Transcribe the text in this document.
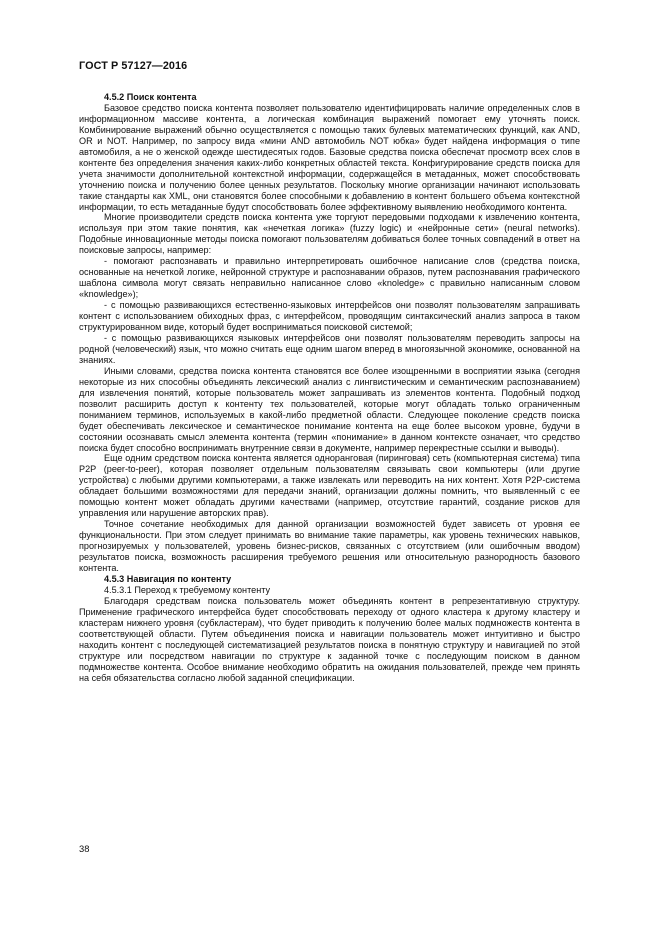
ГОСТ Р 57127—2016

4.5.2 Поиск контента

Базовое средство поиска контента позволяет пользователю идентифицировать наличие определенных слов в информационном массиве контента, а логическая комбинация выражений помогает ему уточнять поиск. Комбинирование выражений обычно осуществляется с помощью таких булевых математических функций, как AND, OR и NOT. Например, по запросу вида «мини AND автомобиль NOT юбка» будет найдена информация о типе автомобиля, а не о женской одежде шестидесятых годов. Базовые средства поиска обеспечат просмотр всех слов в контенте без определения значения каких-либо конкретных областей текста. Конфигурирование средств поиска для учета значимости дополнительной контекстной информации, содержащейся в метаданных, может способствовать уточнению поиска и получению более ценных результатов. Поскольку многие организации начинают использовать такие стандарты как XML, они становятся более способными к добавлению в контент большего объема контекстной информации, то есть метаданные будут способствовать более эффективному выявлению необходимого контента.

Многие производители средств поиска контента уже торгуют передовыми подходами к извлечению контента, используя при этом такие понятия, как «нечеткая логика» (fuzzy logic) и «нейронные сети» (neural networks). Подобные инновационные методы поиска помогают пользователям добиваться более точных совпадений в ответ на поисковые запросы, например:

- помогают распознавать и правильно интерпретировать ошибочное написание слов (средства поиска, основанные на нечеткой логике, нейронной структуре и распознавании образов, путем распознавания графического шаблона символа могут связать неправильно написанное слово «knoledge» с правильно написанным словом «knowledge»);

- с помощью развивающихся естественно-языковых интерфейсов они позволят пользователям запрашивать контент с использованием обиходных фраз, с интерфейсом, проводящим синтаксический анализ запроса в таком структурированном виде, который будет восприниматься поисковой системой;

- с помощью развивающихся языковых интерфейсов они позволят пользователям переводить запросы на родной (человеческий) язык, что можно считать еще одним шагом вперед в многоязычной экономике, основанной на знаниях.

Иными словами, средства поиска контента становятся все более изощренными в восприятии языка (сегодня некоторые из них способны объединять лексический анализ с лингвистическим и семантическим распознаванием) для извлечения понятий, которые пользователь может запрашивать из элементов контента. Подобный подход позволит расширить доступ к контенту тех пользователей, которые могут обладать только ограниченным пониманием терминов, используемых в какой-либо предметной области. Следующее поколение средств поиска будет обеспечивать лексическое и семантическое понимание контента на еще более высоком уровне, будучи в состоянии осознавать смысл элемента контента (термин «понимание» в данном контексте означает, что средство поиска будет способно воспринимать внутренние связи в документе, например перекрестные ссылки и выводы).

Еще одним средством поиска контента является одноранговая (пиринговая) сеть (компьютерная система) типа P2P (peer-to-peer), которая позволяет отдельным пользователям связывать свои компьютеры (или другие устройства) с любыми другими компьютерами, а также извлекать или переводить на них контент. Хотя P2P-система обладает большими возможностями для передачи знаний, организации должны помнить, что выявленный с ее помощью контент может обладать другими качествами (например, отсутствие гарантий, создание рисков для управления или нарушение авторских прав).

Точное сочетание необходимых для данной организации возможностей будет зависеть от уровня ее функциональности. При этом следует принимать во внимание такие параметры, как уровень технических навыков, прогнозируемых у пользователей, уровень бизнес-рисков, связанных с отсутствием (или ошибочным вводом) результатов поиска, возможность расширения требуемого решения или относительную разнородность базового контента.

4.5.3 Навигация по контенту

4.5.3.1 Переход к требуемому контенту

Благодаря средствам поиска пользователь может объединять контент в репрезентативную структуру. Применение графического интерфейса будет способствовать переходу от одного кластера к другому кластеру и кластерам нижнего уровня (субкластерам), что будет приводить к получению более малых подмножеств контента в соответствующей области. Путем объединения поиска и навигации пользователь может интуитивно и быстро находить контент с последующей систематизацией результатов поиска в понятную структуру и навигацией по этой структуре или посредством навигации по структуре к заданной точке с последующим поиском в данном подмножестве контента. Особое внимание необходимо обратить на ожидания пользователей, прежде чем принять на себя обязательства согласно любой заданной спецификации.

38
